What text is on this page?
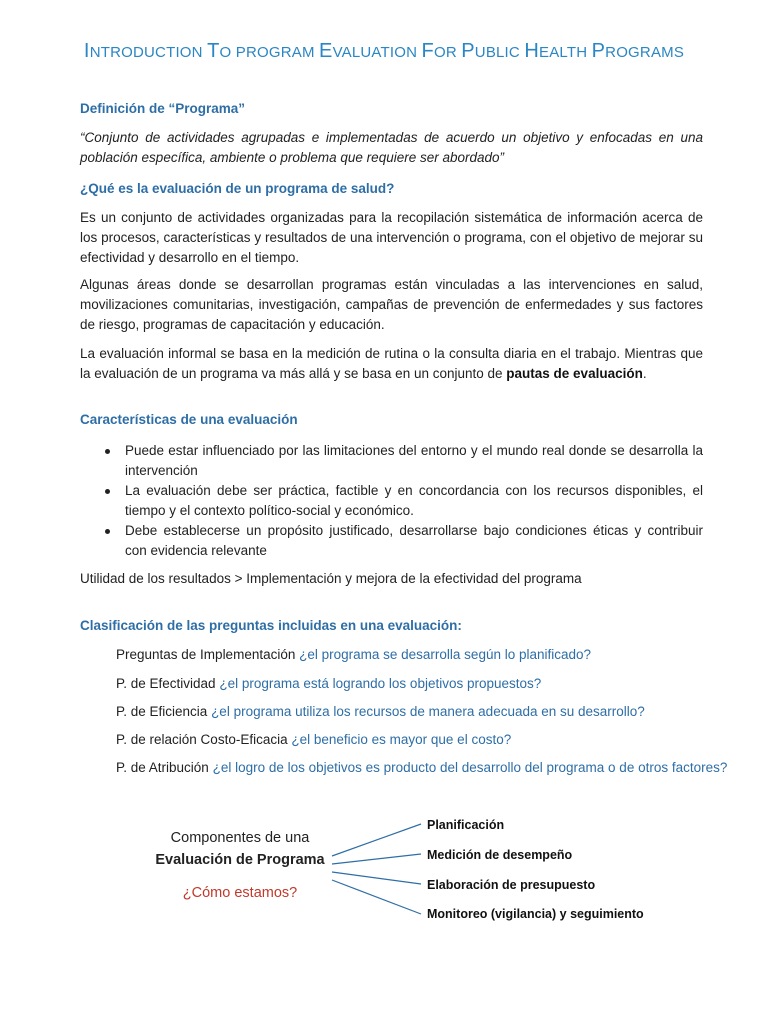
INTRODUCTION TO PROGRAM EVALUATION FOR PUBLIC HEALTH PROGRAMS
Definición de “Programa”
“Conjunto de actividades agrupadas e implementadas de acuerdo un objetivo y enfocadas en una población específica, ambiente o problema que requiere ser abordado”
¿Qué es la evaluación de un programa de salud?
Es un conjunto de actividades organizadas para la recopilación sistemática de información acerca de los procesos, características y resultados de una intervención o programa, con el objetivo de mejorar su efectividad y desarrollo en el tiempo.
Algunas áreas donde se desarrollan programas están vinculadas a las intervenciones en salud, movilizaciones comunitarias, investigación, campañas de prevención de enfermedades y sus factores de riesgo, programas de capacitación y educación.
La evaluación informal se basa en la medición de rutina o la consulta diaria en el trabajo. Mientras que la evaluación de un programa va más allá y se basa en un conjunto de pautas de evaluación.
Características de una evaluación
Puede estar influenciado por las limitaciones del entorno y el mundo real donde se desarrolla la intervención
La evaluación debe ser práctica, factible y en concordancia con los recursos disponibles, el tiempo y el contexto político-social y económico.
Debe establecerse un propósito justificado, desarrollarse bajo condiciones éticas y contribuir con evidencia relevante
Utilidad de los resultados > Implementación y mejora de la efectividad del programa
Clasificación de las preguntas incluidas en una evaluación:
Preguntas de Implementación ¿el programa se desarrolla según lo planificado?
P. de Efectividad ¿el programa está logrando los objetivos propuestos?
P. de Eficiencia ¿el programa utiliza los recursos de manera adecuada en su desarrollo?
P. de relación Costo-Eficacia ¿el beneficio es mayor que el costo?
P. de Atribución ¿el logro de los objetivos es producto del desarrollo del programa o de otros factores?
Componentes de una
Evaluación de Programa
¿Cómo estamos?
Planificación
Medición de desempeño
Elaboración de presupuesto
Monitoreo (vigilancia) y seguimiento
